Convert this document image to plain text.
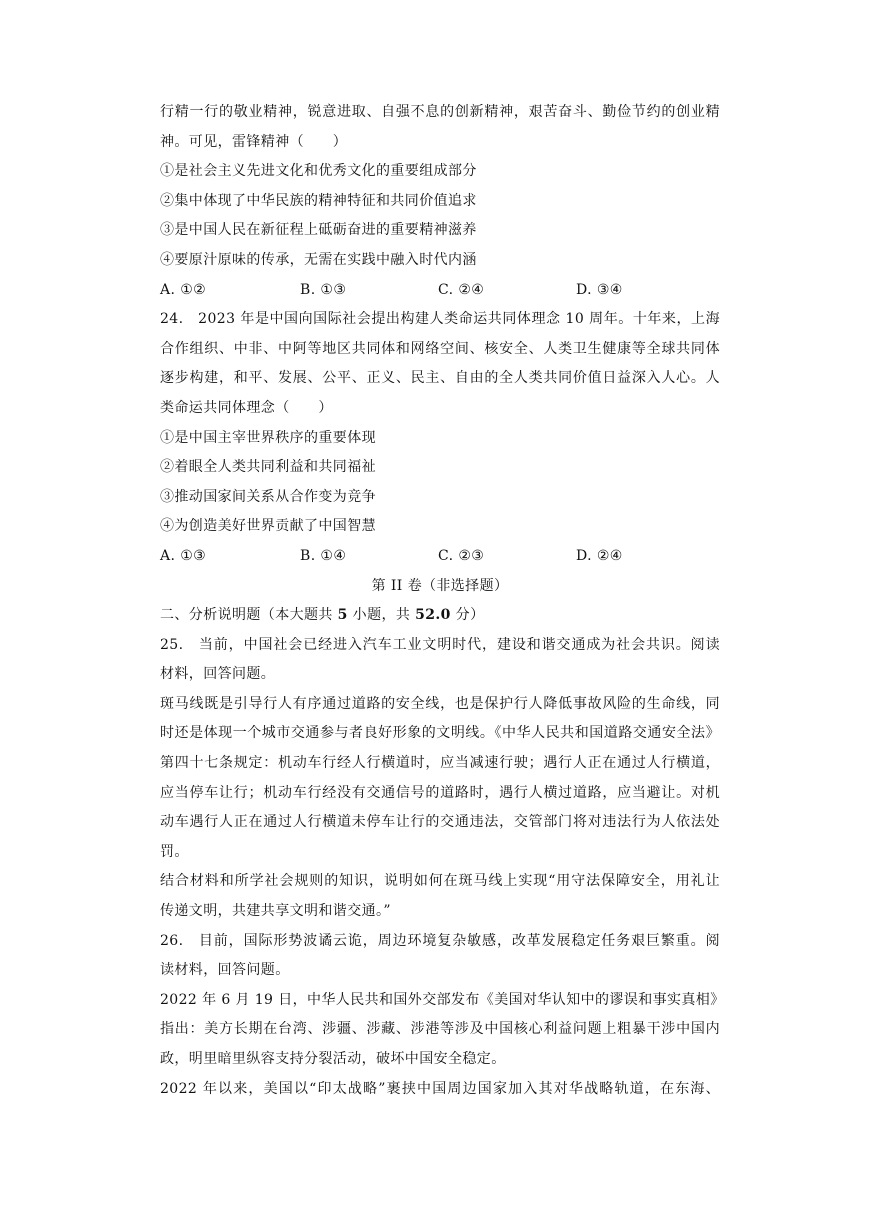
行精一行的敬业精神，锐意进取、自强不息的创新精神，艰苦奋斗、勤俭节约的创业精
神。可见，雷锋精神（　　）
①是社会主义先进文化和优秀文化的重要组成部分
②集中体现了中华民族的精神特征和共同价值追求
③是中国人民在新征程上砥砺奋进的重要精神滋养
④要原汁原味的传承，无需在实践中融入时代内涵
A. ①②	B. ①③	C. ②④	D. ③④
24.　2023 年是中国向国际社会提出构建人类命运共同体理念 10 周年。十年来，上海
合作组织、中非、中阿等地区共同体和网络空间、核安全、人类卫生健康等全球共同体
逐步构建，和平、发展、公平、正义、民主、自由的全人类共同价值日益深入人心。人
类命运共同体理念（　　）
①是中国主宰世界秩序的重要体现
②着眼全人类共同利益和共同福祉
③推动国家间关系从合作变为竞争
④为创造美好世界贡献了中国智慧
A. ①③	B. ①④	C. ②③	D. ②④
第 II 卷（非选择题）
二、分析说明题（本大题共 5 小题，共 52.0 分）
25.　当前，中国社会已经进入汽车工业文明时代，建设和谐交通成为社会共识。阅读
材料，回答问题。
斑马线既是引导行人有序通过道路的安全线，也是保护行人降低事故风险的生命线，同
时还是体现一个城市交通参与者良好形象的文明线。《中华人民共和国道路交通安全法》
第四十七条规定：机动车行经人行横道时，应当减速行驶；遇行人正在通过人行横道，
应当停车让行；机动车行经没有交通信号的道路时，遇行人横过道路，应当避让。对机
动车遇行人正在通过人行横道未停车让行的交通违法，交管部门将对违法行为人依法处
罚。
结合材料和所学社会规则的知识，说明如何在斑马线上实现“用守法保障安全，用礼让
传递文明，共建共享文明和谐交通。”
26.　目前，国际形势波谲云诡，周边环境复杂敏感，改革发展稳定任务艰巨繁重。阅
读材料，回答问题。
2022 年 6 月 19 日，中华人民共和国外交部发布《美国对华认知中的谬误和事实真相》
指出：美方长期在台湾、涉疆、涉藏、涉港等涉及中国核心利益问题上粗暴干涉中国内
政，明里暗里纵容支持分裂活动，破坏中国安全稳定。
2022 年以来，美国以“印太战略”裹挟中国周边国家加入其对华战略轨道，在东海、
